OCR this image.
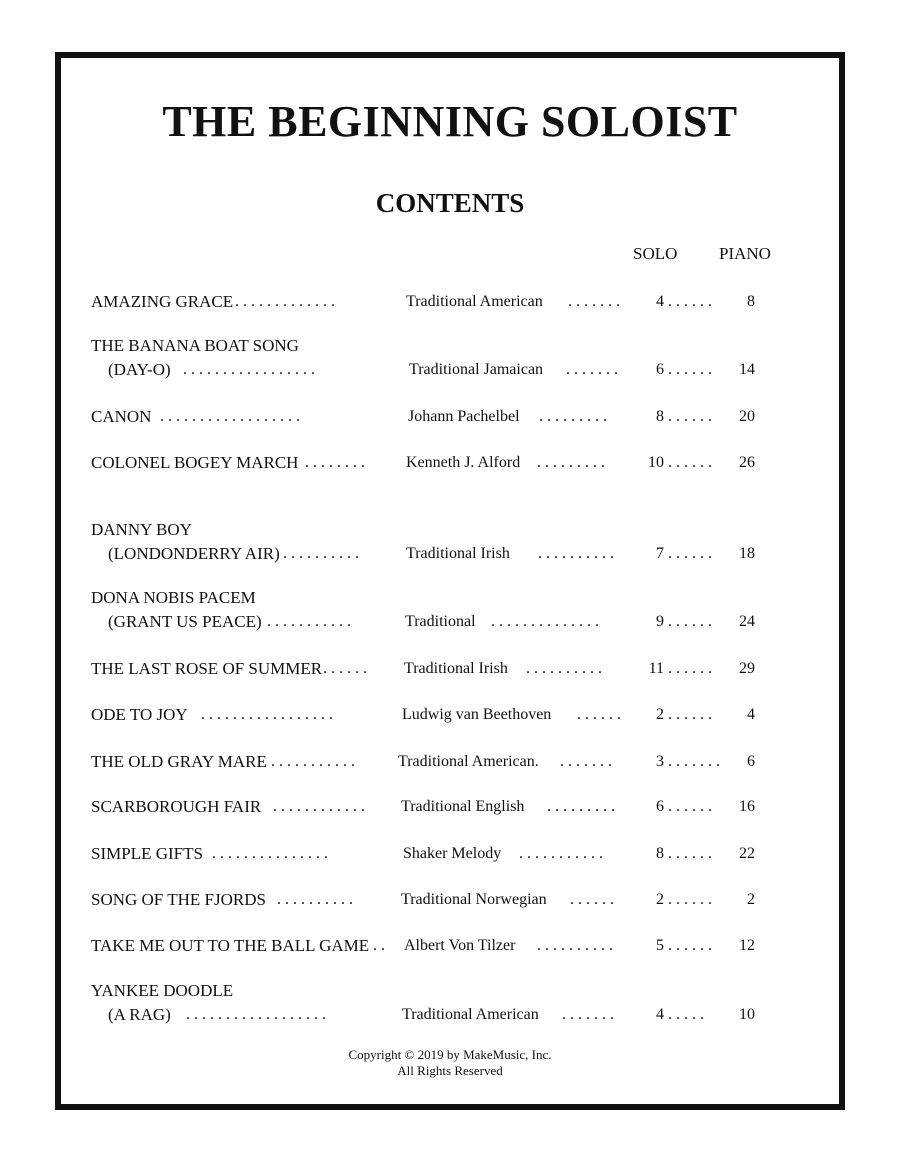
THE BEGINNING SOLOIST
CONTENTS
SOLO PIANO
AMAZING GRACE . . . . . . . . . . . . .	Traditional American . . . . . . .	4 . . . . . .	8
THE BANANA BOAT SONG
(DAY-O) . . . . . . . . . . . . . . . . .	Traditional Jamaican . . . . . . .	6 . . . . . .	14
CANON . . . . . . . . . . . . . . . . . .	Johann Pachelbel . . . . . . . . .	8 . . . . . .	20
COLONEL BOGEY MARCH . . . . . . . .	Kenneth J. Alford . . . . . . . . .	10 . . . . . .	26
DANNY BOY
(LONDONDERRY AIR) . . . . . . . . . .	Traditional Irish . . . . . . . . . .	7 . . . . . .	18
DONA NOBIS PACEM
(GRANT US PEACE) . . . . . . . . . . .	Traditional . . . . . . . . . . . . . .	9 . . . . . .	24
THE LAST ROSE OF SUMMER . . . . . . Traditional Irish . . . . . . . . . .	11 . . . . . .	29
ODE TO JOY . . . . . . . . . . . . . . . . .	Ludwig van Beethoven . . . . . .	2 . . . . . .	4
THE OLD GRAY MARE . . . . . . . . . . .	Traditional American. . . . . . . .	3 . . . . . . .	6
SCARBOROUGH FAIR . . . . . . . . . . . . Traditional English . . . . . . . . .	6 . . . . . .	16
SIMPLE GIFTS . . . . . . . . . . . . . . .	Shaker Melody . . . . . . . . . . .	8 . . . . . .	22
SONG OF THE FJORDS . . . . . . . . . .	Traditional Norwegian . . . . . .	2 . . . . . .	2
TAKE ME OUT TO THE BALL GAME . . Albert Von Tilzer . . . . . . . . . .	5 . . . . . .	12
YANKEE DOODLE
(A RAG) . . . . . . . . . . . . . . . . . .	Traditional American . . . . . . .	4 . . . . .	10
Copyright © 2019 by MakeMusic, Inc.
All Rights Reserved
